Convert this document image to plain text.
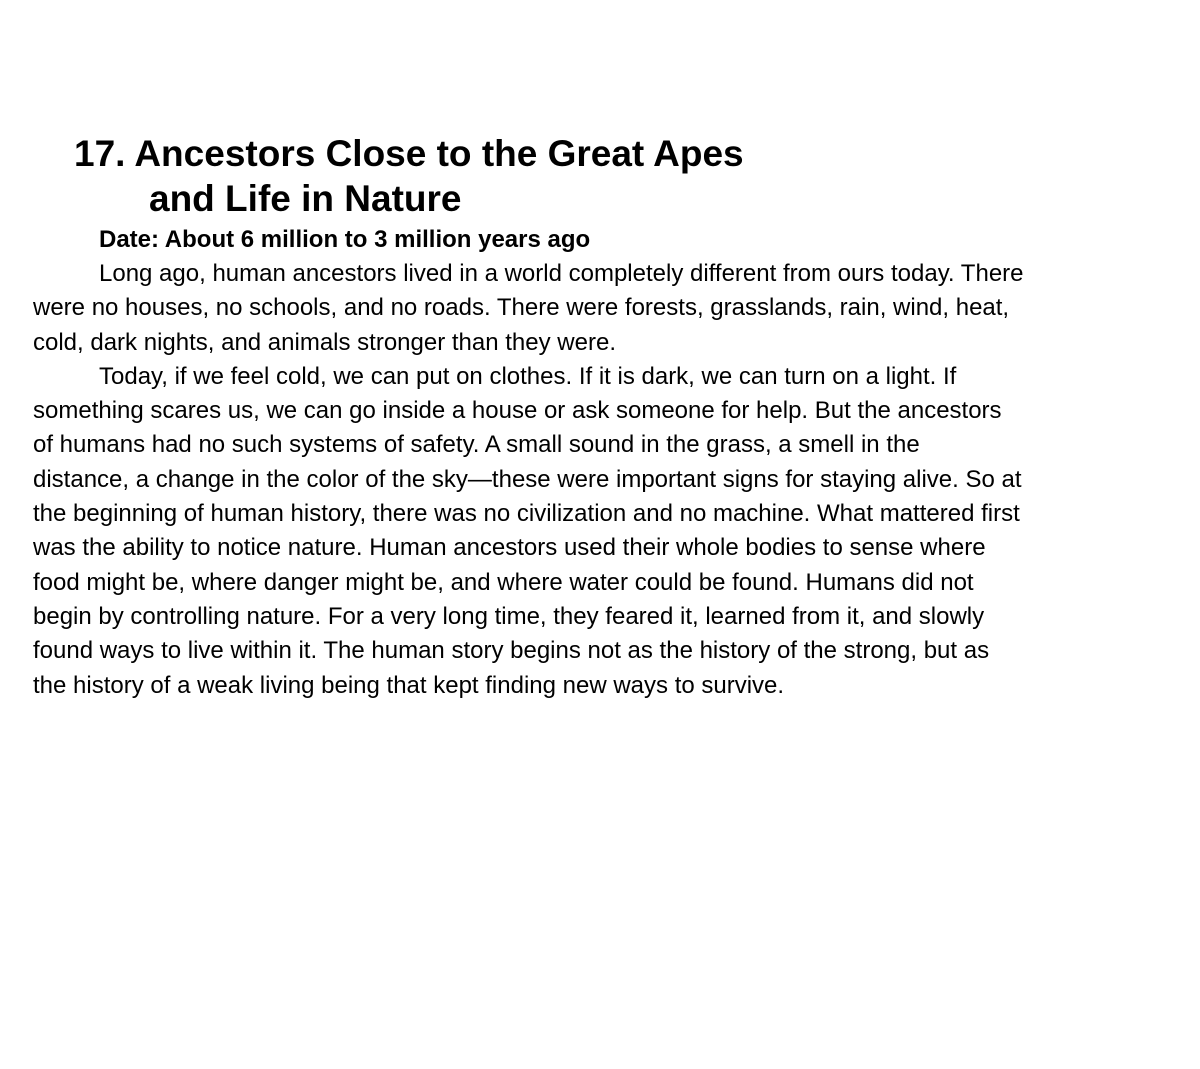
17. Ancestors Close to the Great Apes
and Life in Nature

Date: About 6 million to 3 million years ago

Long ago, human ancestors lived in a world completely different from ours today. There
were no houses, no schools, and no roads. There were forests, grasslands, rain, wind, heat,
cold, dark nights, and animals stronger than they were.

Today, if we feel cold, we can put on clothes. If it is dark, we can turn on a light. If
something scares us, we can go inside a house or ask someone for help. But the ancestors
of humans had no such systems of safety. A small sound in the grass, a smell in the
distance, a change in the color of the sky—these were important signs for staying alive. So at
the beginning of human history, there was no civilization and no machine. What mattered first
was the ability to notice nature. Human ancestors used their whole bodies to sense where
food might be, where danger might be, and where water could be found. Humans did not
begin by controlling nature. For a very long time, they feared it, learned from it, and slowly
found ways to live within it. The human story begins not as the history of the strong, but as
the history of a weak living being that kept finding new ways to survive.
